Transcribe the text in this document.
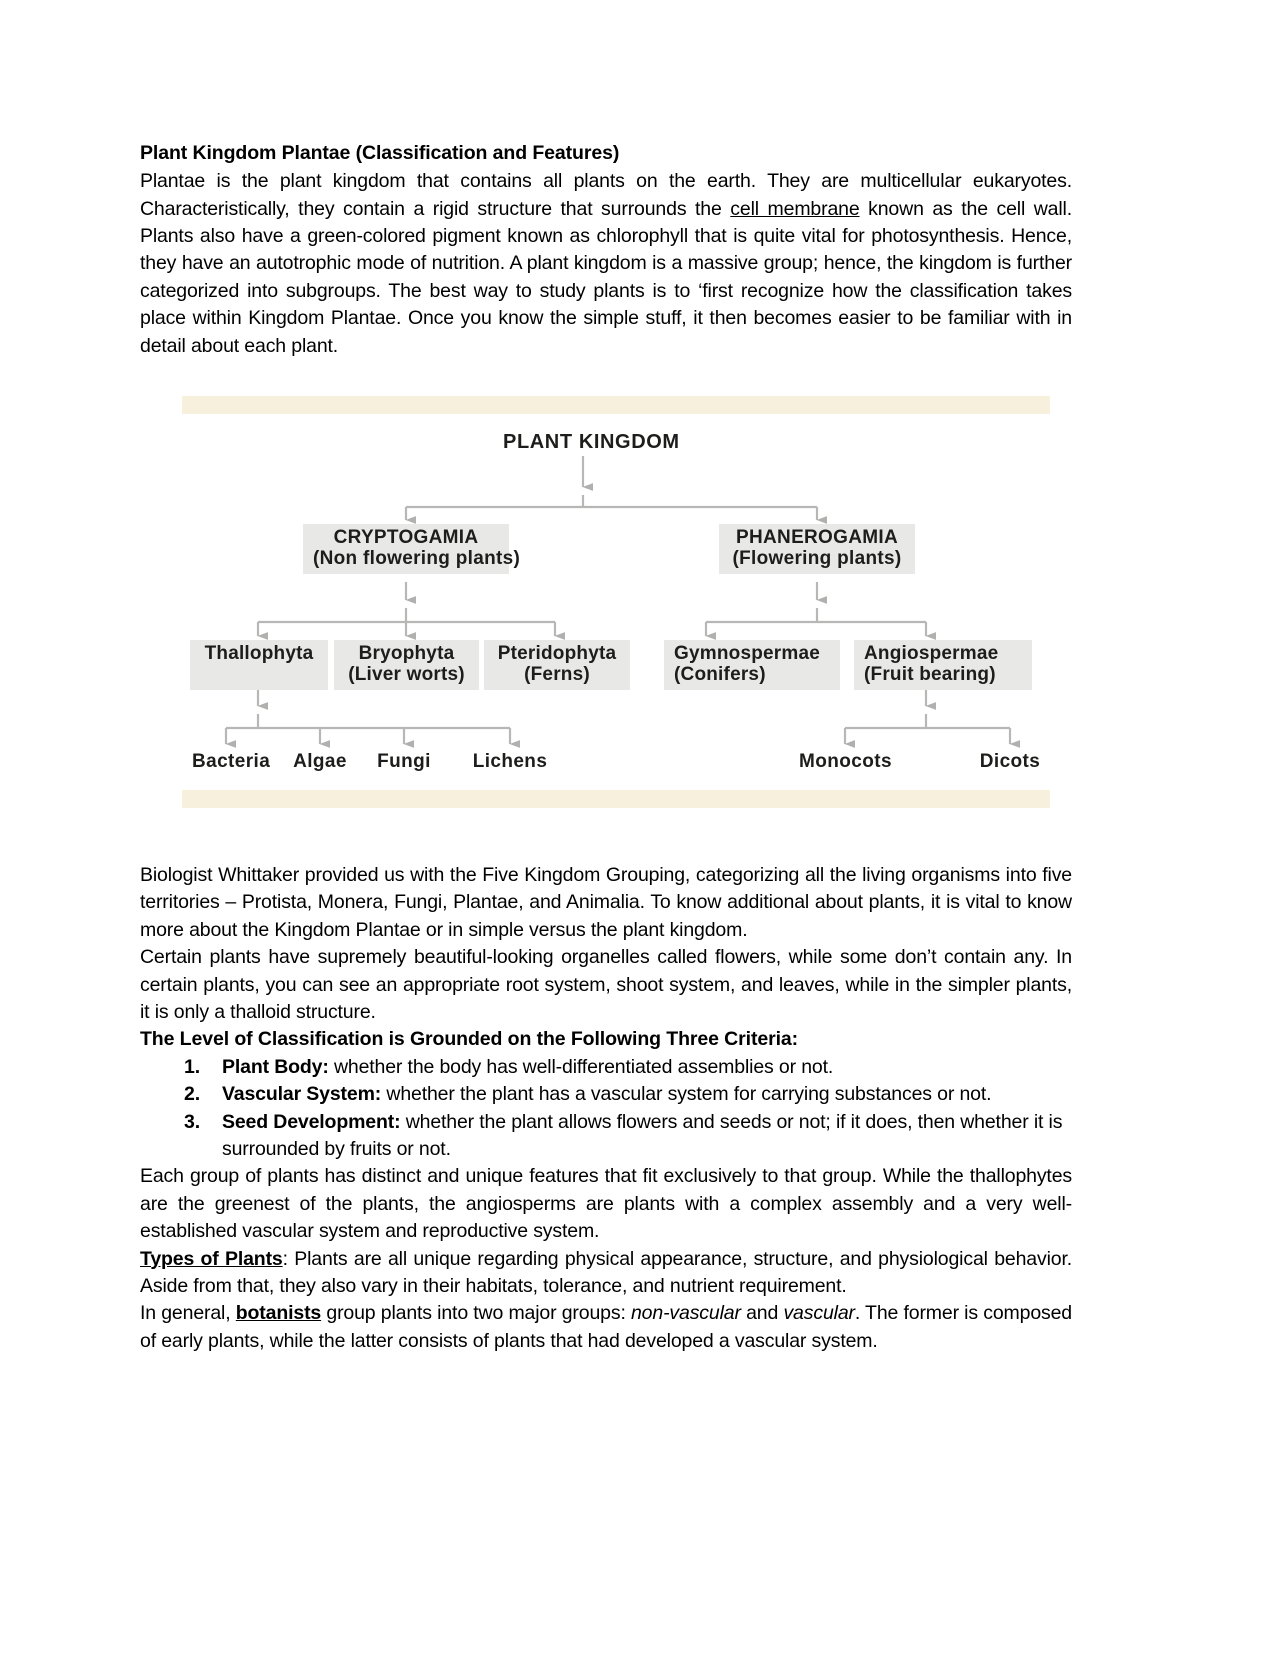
Plant Kingdom Plantae (Classification and Features)

Plantae is the plant kingdom that contains all plants on the earth. They are multicellular eukaryotes. Characteristically, they contain a rigid structure that surrounds the cell membrane known as the cell wall. Plants also have a green-colored pigment known as chlorophyll that is quite vital for photosynthesis. Hence, they have an autotrophic mode of nutrition. A plant kingdom is a massive group; hence, the kingdom is further categorized into subgroups. The best way to study plants is to ‘first recognize how the classification takes place within Kingdom Plantae. Once you know the simple stuff, it then becomes easier to be familiar with in detail about each plant.

Biologist Whittaker provided us with the Five Kingdom Grouping, categorizing all the living organisms into five territories – Protista, Monera, Fungi, Plantae, and Animalia. To know additional about plants, it is vital to know more about the Kingdom Plantae or in simple versus the plant kingdom.

Certain plants have supremely beautiful-looking organelles called flowers, while some don’t contain any. In certain plants, you can see an appropriate root system, shoot system, and leaves, while in the simpler plants, it is only a thalloid structure.

The Level of Classification is Grounded on the Following Three Criteria:
1.	Plant Body: whether the body has well-differentiated assemblies or not.
2.	Vascular System: whether the plant has a vascular system for carrying substances or not.
3.	Seed Development: whether the plant allows flowers and seeds or not; if it does, then whether it is surrounded by fruits or not.

Each group of plants has distinct and unique features that fit exclusively to that group. While the thallophytes are the greenest of the plants, the angiosperms are plants with a complex assembly and a very well-established vascular system and reproductive system.

Types of Plants: Plants are all unique regarding physical appearance, structure, and physiological behavior. Aside from that, they also vary in their habitats, tolerance, and nutrient requirement.

In general, botanists group plants into two major groups: non-vascular and vascular. The former is composed of early plants, while the latter consists of plants that had developed a vascular system.

PLANT KINGDOM
CRYPTOGAMIA
(Non flowering plants)
PHANEROGAMIA
(Flowering plants)
Thallophyta
	Bryophyta
(Liver worts)
Pteridophyta
(Ferns)
Gymnospermae
(Conifers)
Angiospermae
(Fruit bearing)
Bacteria	Algae	Fungi	Lichens	Monocots	Dicots
